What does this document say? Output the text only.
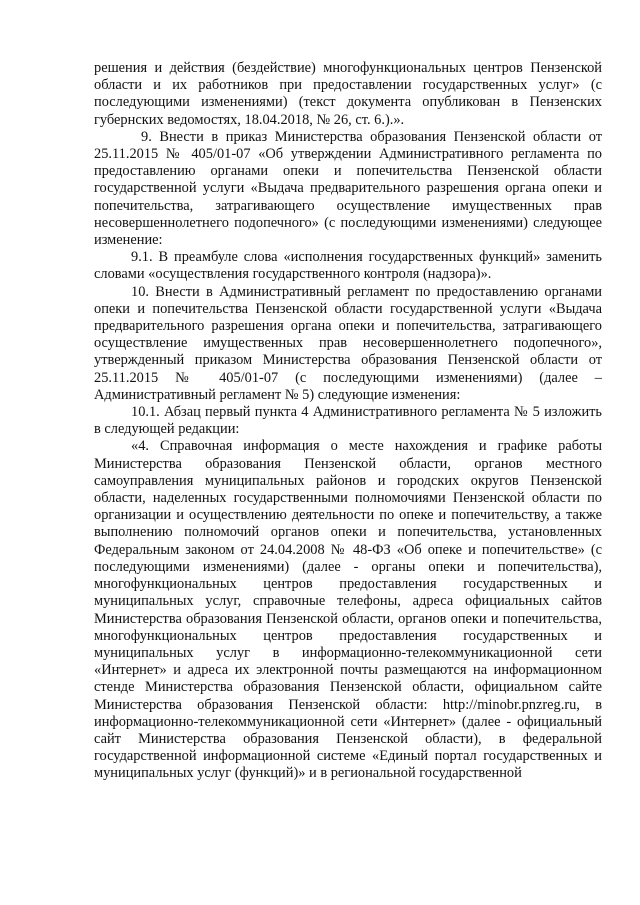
решения и действия (бездействие) многофункциональных центров Пензенской области и их работников при предоставлении государственных услуг» (с последующими изменениями) (текст документа опубликован в Пензенских губернских ведомостях, 18.04.2018, № 26, ст. 6.).».

9. Внести в приказ Министерства образования Пензенской области от 25.11.2015 № 405/01-07 «Об утверждении Административного регламента по предоставлению органами опеки и попечительства Пензенской области государственной услуги «Выдача предварительного разрешения органа опеки и попечительства, затрагивающего осуществление имущественных прав несовершеннолетнего подопечного» (с последующими изменениями) следующее изменение:

9.1. В преамбуле слова «исполнения государственных функций» заменить словами «осуществления государственного контроля (надзора)».

10. Внести в Административный регламент по предоставлению органами опеки и попечительства Пензенской области государственной услуги «Выдача предварительного разрешения органа опеки и попечительства, затрагивающего осуществление имущественных прав несовершеннолетнего подопечного», утвержденный приказом Министерства образования Пензенской области от 25.11.2015 № 405/01-07 (с последующими изменениями) (далее – Административный регламент № 5) следующие изменения:

10.1. Абзац первый пункта 4 Административного регламента № 5 изложить в следующей редакции:

«4. Справочная информация о месте нахождения и графике работы Министерства образования Пензенской области, органов местного самоуправления муниципальных районов и городских округов Пензенской области, наделенных государственными полномочиями Пензенской области по организации и осуществлению деятельности по опеке и попечительству, а также выполнению полномочий органов опеки и попечительства, установленных Федеральным законом от 24.04.2008 № 48-ФЗ «Об опеке и попечительстве» (с последующими изменениями) (далее - органы опеки и попечительства), многофункциональных центров предоставления государственных и муниципальных услуг, справочные телефоны, адреса официальных сайтов Министерства образования Пензенской области, органов опеки и попечительства, многофункциональных центров предоставления государственных и муниципальных услуг в информационно-телекоммуникационной сети «Интернет» и адреса их электронной почты размещаются на информационном стенде Министерства образования Пензенской области, официальном сайте Министерства образования Пензенской области: http://minobr.pnzreg.ru, в информационно-телекоммуникационной сети «Интернет» (далее - официальный сайт Министерства образования Пензенской области), в федеральной государственной информационной системе «Единый портал государственных и муниципальных услуг (функций)» и в региональной государственной
